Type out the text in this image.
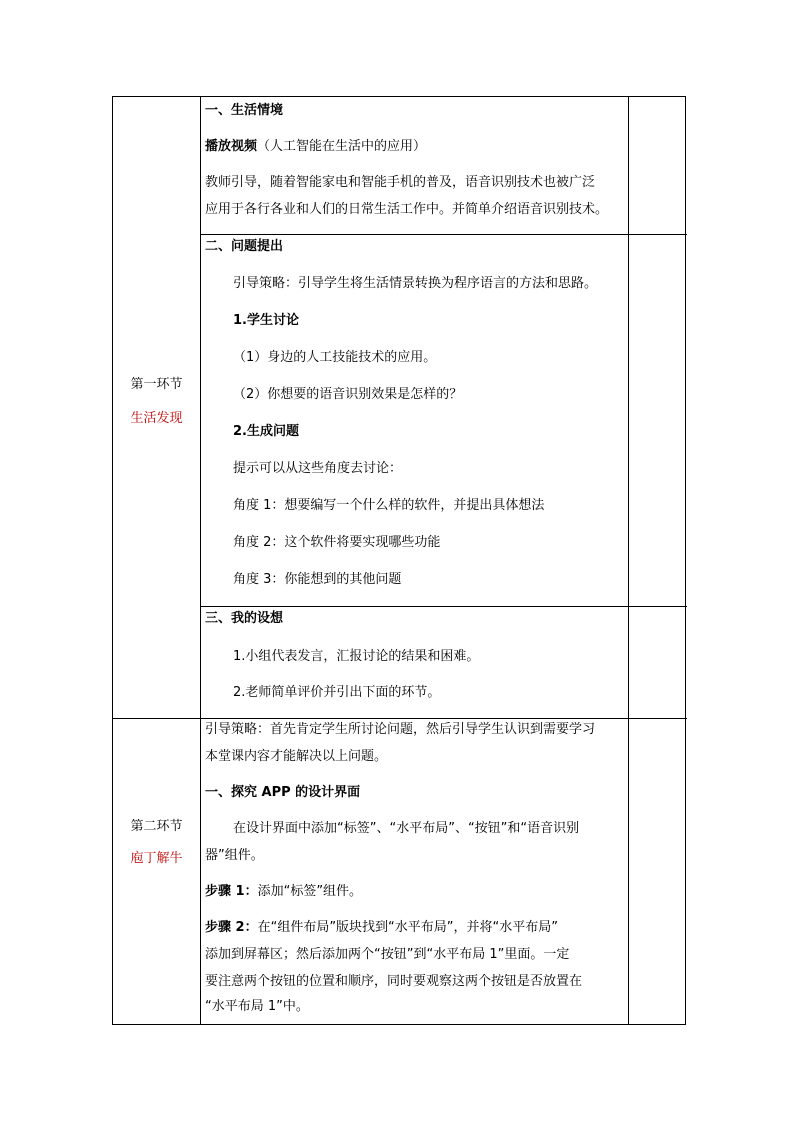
第一环节
生活发现
一、生活情境
播放视频（人工智能在生活中的应用）
教师引导，随着智能家电和智能手机的普及，语音识别技术也被广泛
应用于各行各业和人们的日常生活工作中。并简单介绍语音识别技术。
二、问题提出
引导策略：引导学生将生活情景转换为程序语言的方法和思路。
1.学生讨论
（1）身边的人工技能技术的应用。
（2）你想要的语音识别效果是怎样的？
2.生成问题
提示可以从这些角度去讨论：
角度 1：想要编写一个什么样的软件，并提出具体想法
角度 2：这个软件将要实现哪些功能
角度 3：你能想到的其他问题
三、我的设想
1.小组代表发言，汇报讨论的结果和困难。
2.老师简单评价并引出下面的环节。
第二环节
庖丁解牛
引导策略：首先肯定学生所讨论问题，然后引导学生认识到需要学习
本堂课内容才能解决以上问题。
一、探究 APP 的设计界面
在设计界面中添加“标签”、“水平布局”、“按钮”和“语音识别
器”组件。
步骤 1：添加“标签”组件。
步骤 2：在“组件布局”版块找到“水平布局”，并将“水平布局”
添加到屏幕区；然后添加两个“按钮”到“水平布局 1”里面。一定
要注意两个按钮的位置和顺序，同时要观察这两个按钮是否放置在
“水平布局 1”中。
